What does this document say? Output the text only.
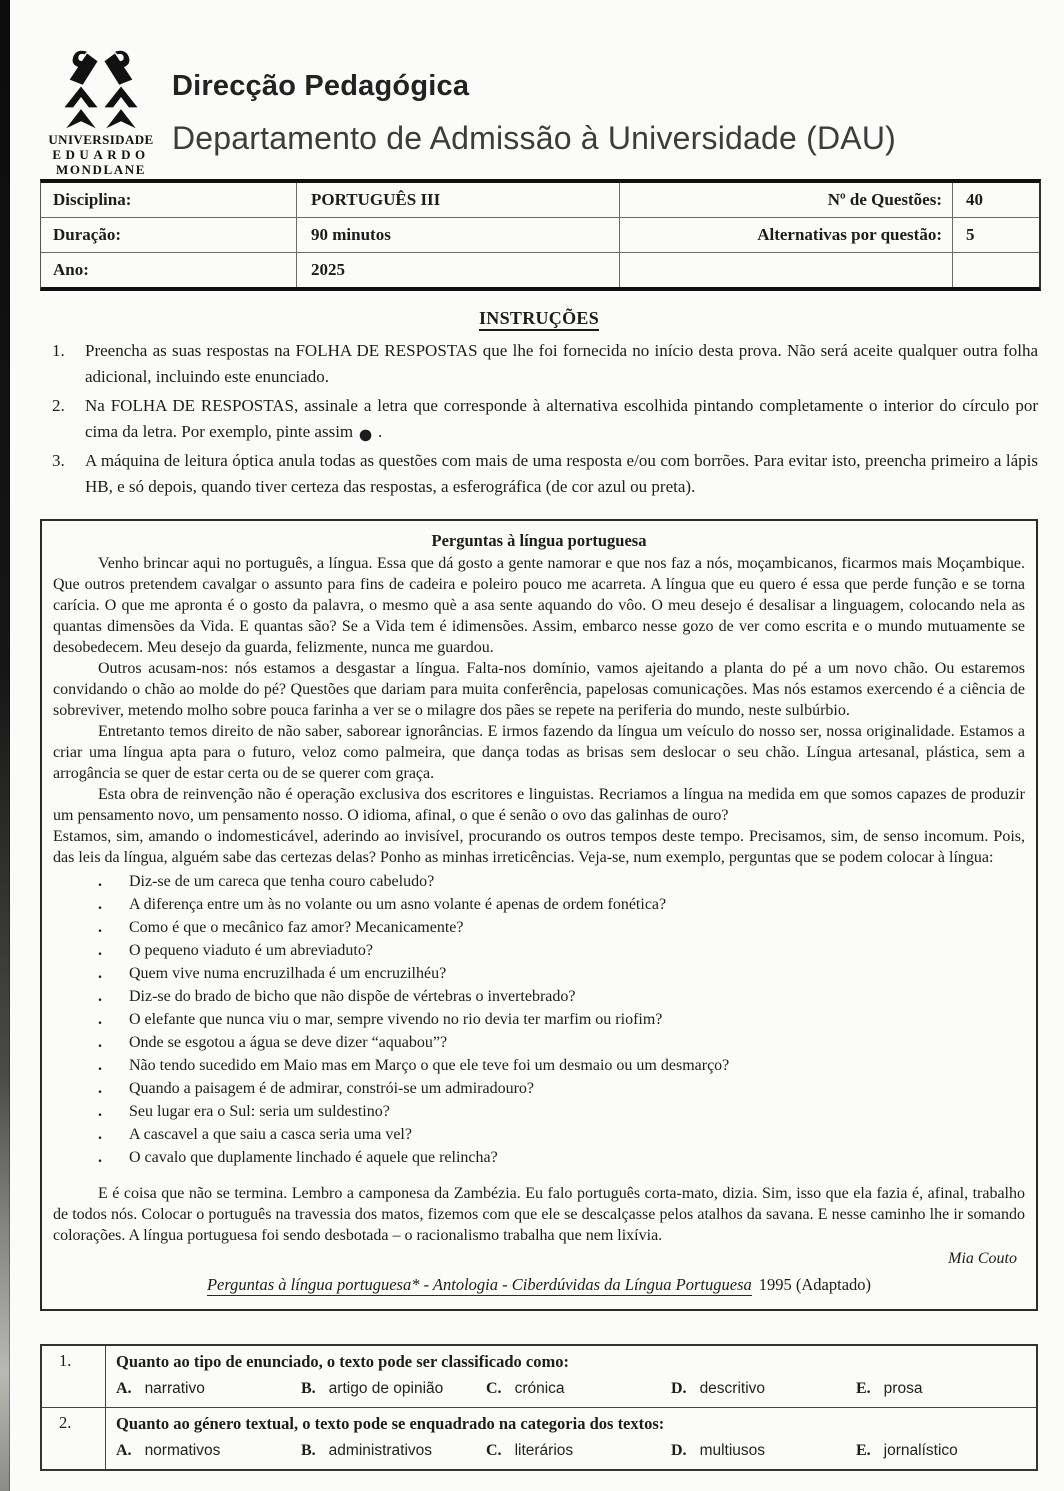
UNIVERSIDADE
EDUARDO
MONDLANE
Direcção Pedagógica
Departamento de Admissão à Universidade (DAU)
Disciplina:	PORTUGUÊS III	Nº de Questões:	40
Duração:	90 minutos	Alternativas por questão:	5
Ano:	2025
INSTRUÇÕES
1. Preencha as suas respostas na FOLHA DE RESPOSTAS que lhe foi fornecida no início desta prova. Não será aceite qualquer outra folha adicional, incluindo este enunciado.
2. Na FOLHA DE RESPOSTAS, assinale a letra que corresponde à alternativa escolhida pintando completamente o interior do círculo por cima da letra. Por exemplo, pinte assim ● .
3. A máquina de leitura óptica anula todas as questões com mais de uma resposta e/ou com borrões. Para evitar isto, preencha primeiro a lápis HB, e só depois, quando tiver certeza das respostas, a esferográfica (de cor azul ou preta).
Perguntas à língua portuguesa

Venho brincar aqui no português, a língua. Essa que dá gosto a gente namorar e que nos faz a nós, moçambicanos, ficarmos mais Moçambique. Que outros pretendem cavalgar o assunto para fins de cadeira e poleiro pouco me acarreta. A língua que eu quero é essa que perde função e se torna carícia. O que me apronta é o gosto da palavra, o mesmo què a asa sente aquando do vôo. O meu desejo é desalisar a linguagem, colocando nela as quantas dimensões da Vida. E quantas são? Se a Vida tem é idimensões. Assim, embarco nesse gozo de ver como escrita e o mundo mutuamente se desobedecem. Meu desejo da guarda, felizmente, nunca me guardou.

Outros acusam-nos: nós estamos a desgastar a língua. Falta-nos domínio, vamos ajeitando a planta do pé a um novo chão. Ou estaremos convidando o chão ao molde do pé? Questões que dariam para muita conferência, papelosas comunicações. Mas nós estamos exercendo é a ciência de sobreviver, metendo molho sobre pouca farinha a ver se o milagre dos pães se repete na periferia do mundo, neste sulbúrbio.

Entretanto temos direito de não saber, saborear ignorâncias. E irmos fazendo da língua um veículo do nosso ser, nossa originalidade. Estamos a criar uma língua apta para o futuro, veloz como palmeira, que dança todas as brisas sem deslocar o seu chão. Língua artesanal, plástica, sem a arrogância se quer de estar certa ou de se querer com graça.

Esta obra de reinvenção não é operação exclusiva dos escritores e linguistas. Recriamos a língua na medida em que somos capazes de produzir um pensamento novo, um pensamento nosso. O idioma, afinal, o que é senão o ovo das galinhas de ouro?

Estamos, sim, amando o indomesticável, aderindo ao invisível, procurando os outros tempos deste tempo. Precisamos, sim, de senso incomum. Pois, das leis da língua, alguém sabe das certezas delas? Ponho as minhas irreticências. Veja-se, num exemplo, perguntas que se podem colocar à língua:

. Diz-se de um careca que tenha couro cabeludo?
. A diferença entre um às no volante ou um asno volante é apenas de ordem fonética?
. Como é que o mecânico faz amor? Mecanicamente?
. O pequeno viaduto é um abreviaduto?
. Quem vive numa encruzilhada é um encruzilhéu?
. Diz-se do brado de bicho que não dispõe de vértebras o invertebrado?
. O elefante que nunca viu o mar, sempre vivendo no rio devia ter marfim ou riofim?
. Onde se esgotou a água se deve dizer “aquabou”?
. Não tendo sucedido em Maio mas em Março o que ele teve foi um desmaio ou um desmarço?
. Quando a paisagem é de admirar, constrói-se um admiradouro?
. Seu lugar era o Sul: seria um suldestino?
. A cascavel a que saiu a casca seria uma vel?
. O cavalo que duplamente linchado é aquele que relincha?

E é coisa que não se termina. Lembro a camponesa da Zambézia. Eu falo português corta-mato, dizia. Sim, isso que ela fazia é, afinal, trabalho de todos nós. Colocar o português na travessia dos matos, fizemos com que ele se descalçasse pelos atalhos da savana. E nesse caminho lhe ir somando colorações. A língua portuguesa foi sendo desbotada – o racionalismo trabalha que nem lixívia.

Mia Couto
Perguntas à língua portuguesa* - Antologia - Ciberdúvidas da Língua Portuguesa 1995 (Adaptado)
1.	Quanto ao tipo de enunciado, o texto pode ser classificado como:
A. narrativo	B. artigo de opinião	C. crónica	D. descritivo	E. prosa
2.	Quanto ao género textual, o texto pode se enquadrado na categoria dos textos:
A. normativos	B. administrativos	C. literários	D. multiusos	E. jornalístico
